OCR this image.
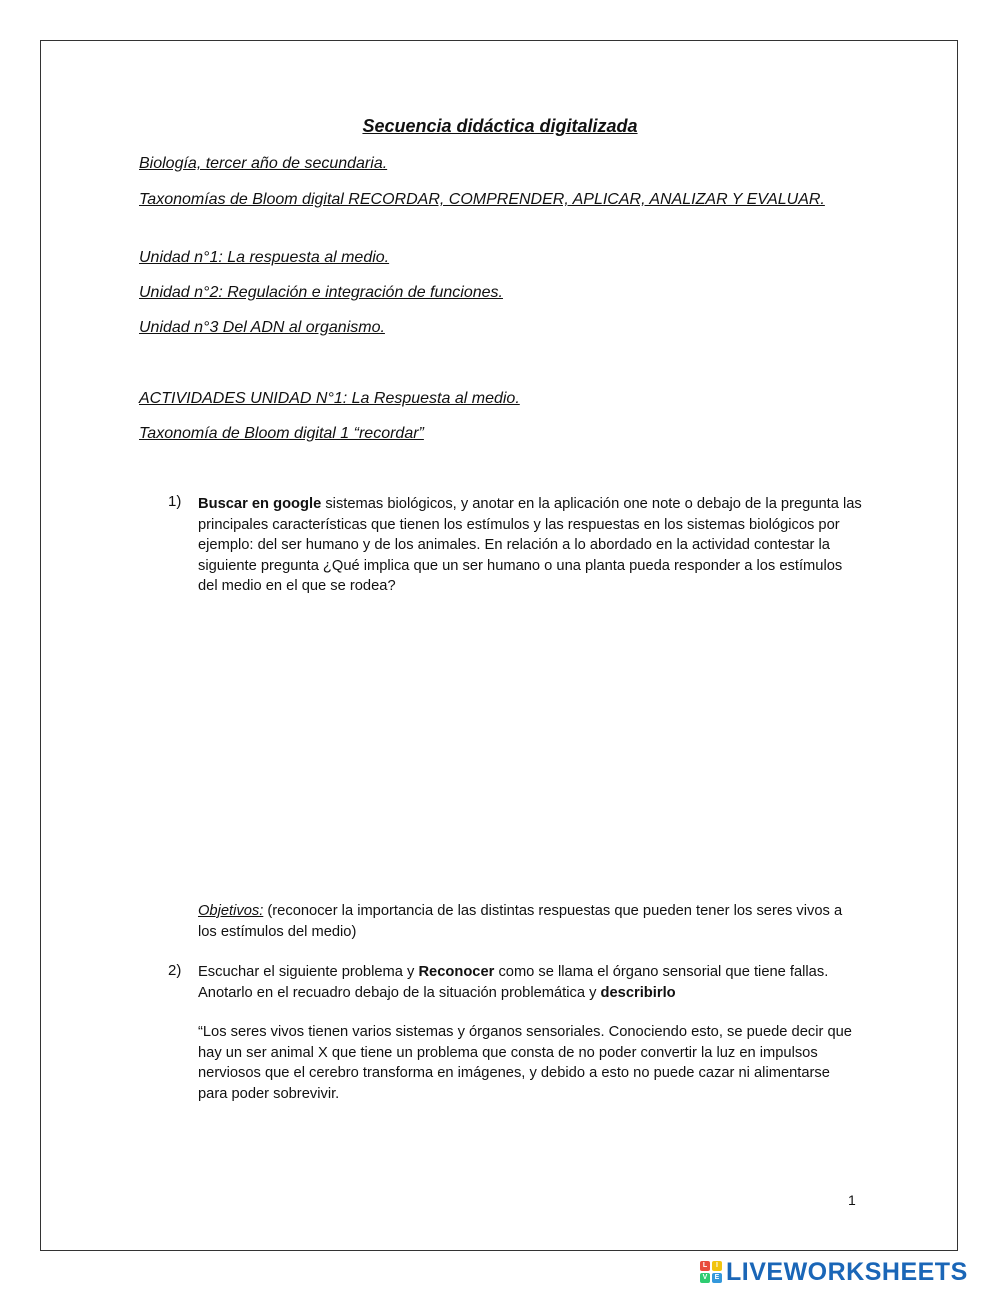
Secuencia didáctica digitalizada
Biología, tercer año de secundaria.
Taxonomías de Bloom digital RECORDAR, COMPRENDER, APLICAR, ANALIZAR Y EVALUAR.
Unidad n°1: La respuesta al medio.
Unidad n°2: Regulación e integración de funciones.
Unidad n°3 Del ADN al organismo.
ACTIVIDADES UNIDAD N°1: La Respuesta al medio.
Taxonomía de Bloom digital 1 “recordar”
1) Buscar en google sistemas biológicos, y anotar en la aplicación one note o debajo de la pregunta las principales características que tienen los estímulos y las respuestas en los sistemas biológicos por ejemplo: del ser humano y de los animales. En relación a lo abordado en la actividad contestar la siguiente pregunta ¿Qué implica que un ser humano o una planta pueda responder a los estímulos del medio en el que se rodea?
Objetivos: (reconocer la importancia de las distintas respuestas que pueden tener los seres vivos a los estímulos del medio)
2) Escuchar el siguiente problema y Reconocer como se llama el órgano sensorial que tiene fallas. Anotarlo en el recuadro debajo de la situación problemática y describirlo
“Los seres vivos tienen varios sistemas y órganos sensoriales. Conociendo esto, se puede decir que hay un ser animal X que tiene un problema que consta de no poder convertir la luz en impulsos nerviosos que el cerebro transforma en imágenes, y debido a esto no puede cazar ni alimentarse para poder sobrevivir.
1
L	I
V	E LIVEWORKSHEETS
